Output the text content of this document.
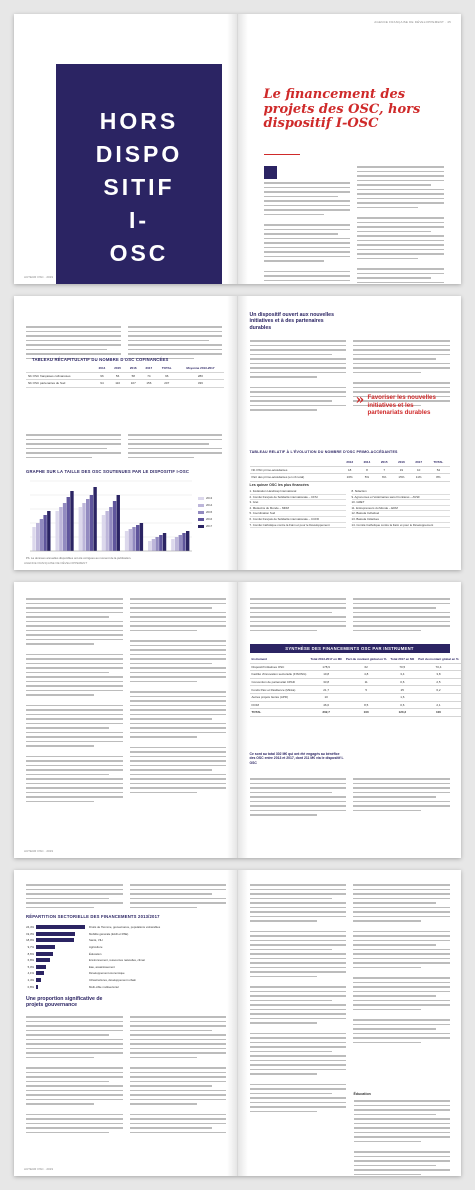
HORS
DISPO
SITIF
I-
OSC
AUTEUR OSC · 2019
AGENCE FRANÇAISE DE DÉVELOPPEMENT · 45
Le financement des projets des OSC, hors dispositif I-OSC
TABLEAU RÉCAPITULATIF DU NOMBRE D'OSC COFINANCÉES
	2014	2015	2016	2017	TOTAL	Moyenne 2013-2017
Nb OSC françaises cofinancées	96	56	58	74	96	280
Nb OSC partenaires du Sud	94	110	107	156	207	336
GRAPHE SUR LA TAILLE DES OSC SOUTENUES PAR LE DISPOSITIF I-OSC
2013
2014
2015
2016
2017
Pb. La données annuelles disponibles ont été corrigées au moment de la publication.
AGENCE FRANÇAISE DE DÉVELOPPEMENT
Un dispositif ouvert aux nouvelles initiatives et à des partenaires durables
» Favoriser les nouvelles initiatives et les partenariats durables
TABLEAU RELATIF À L'ÉVOLUTION DU NOMBRE D'OSC PRIMO-ACCÉDANTES
	2013	2014	2015	2016	2017	TOTAL
Nb OSC primo-accédantes	18	8	7	19	10	54
Part des primo-accédantes (en nb total)	16%	5%	6%	15%	11%	8%
Les quinze OSC les plus financées
1. Fédération Handicap International
2. Comité français de Solidarité internationale – CFSI
3. Gret
4. Médecins du Monde – MDM
5. Coordination Sud
6. Comité français de Solidarité internationale – CCFD
7. Comité Catholique contre la Faim et pour le Développement
8. Sidaction
9. Agronomes et Vétérinaires sans Frontières – AVSF
10. GRET
11. Entrepreneurs du Monde – EDM
12. Batoula Individuel
13. Batoula Initiatives
14. Comité Catholique contre la Faim et pour le Développement
AUTEUR OSC · 2019
SYNTHÈSE DES FINANCEMENTS OSC PAR INSTRUMENT
Instrument	Total 2013-2017 en M€	Part du montant global en %	Total 2017 en M€	Part du montant global en %
Dispositif Initiatives OSC	178,9	62	70,5	70,4
Facilité d'innovation sectorielle (FISONG)	10,8	4,8	3,4	3,8
Convention de partenariat CPAD	33,8	11	0,6	2,5
Fonds Paix et Résilience (Minka)	21,7	5	25	6,2
Autres projets Gérés (APD)	10		1,6	
FIOM	46,6	8,5	0,6	2,1
TOTAL	302,7	100	120,3	100
Ce sont au total 302 M€ qui ont été engagés au bénéfice des OSC entre 2013 et 2017, dont 211 M€ via le dispositif I-OSC
RÉPARTITION SECTORIELLE DES FINANCEMENTS 2013/2017
24,4%	Droits de l'homme, gouvernance, populations vulnérables
19,3%	Mobilité générale (EAD et RSE)
18,9%	Santé, VIH
9,7%	Agriculture
8,6%	Éducation
6,8%	Environnement, ressources naturelles, climat
5,0%	Eau, assainissement
4,1%	Développement économique
2,4%	Infrastructures, développement urbain
0,8%	Multi-cible multisectoriel
Une proportion significative de projets gouvernance
AUTEUR OSC · 2019
Éducation
